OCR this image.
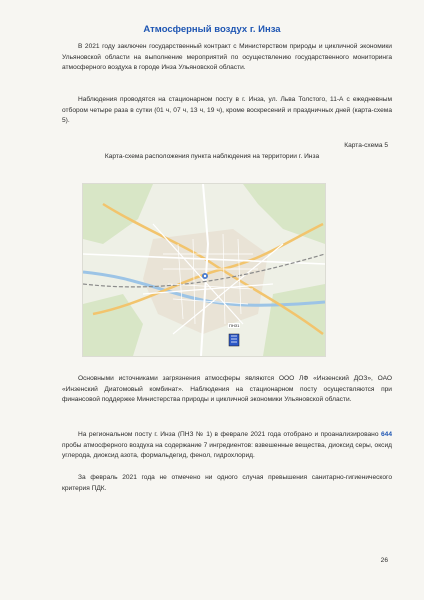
Атмосферный воздух г. Инза
В 2021 году заключен государственный контракт с Министерством природы и цикличной экономики Ульяновской области на выполнение мероприятий по осуществлению государственного мониторинга атмосферного воздуха в городе Инза Ульяновской области.
Наблюдения проводятся на стационарном посту в г. Инза, ул. Льва Толстого, 11-А с ежедневным отбором четыре раза в сутки (01 ч, 07 ч, 13 ч, 19 ч), кроме воскресений и праздничных дней (карта-схема 5).
Карта-схема 5
Карта-схема расположения пункта наблюдения на территории г. Инза
ПНЗ1
Основными источниками загрязнения атмосферы являются ООО ЛФ «Инзенский ДОЗ», ОАО «Инзенский Диатомовый комбинат». Наблюдения на стационарном посту осуществляются при финансовой поддержке Министерства природы и цикличной экономики Ульяновской области.
На региональном посту г. Инза (ПНЗ № 1) в феврале 2021 года отобрано и проанализировано 644 пробы атмосферного воздуха на содержание 7 ингредиентов: взвешенные вещества, диоксид серы, оксид углерода, диоксид азота, формальдегид, фенол, гидрохлорид.
За февраль 2021 года не отмечено ни одного случая превышения санитарно-гигиенического критерия ПДК.
26
